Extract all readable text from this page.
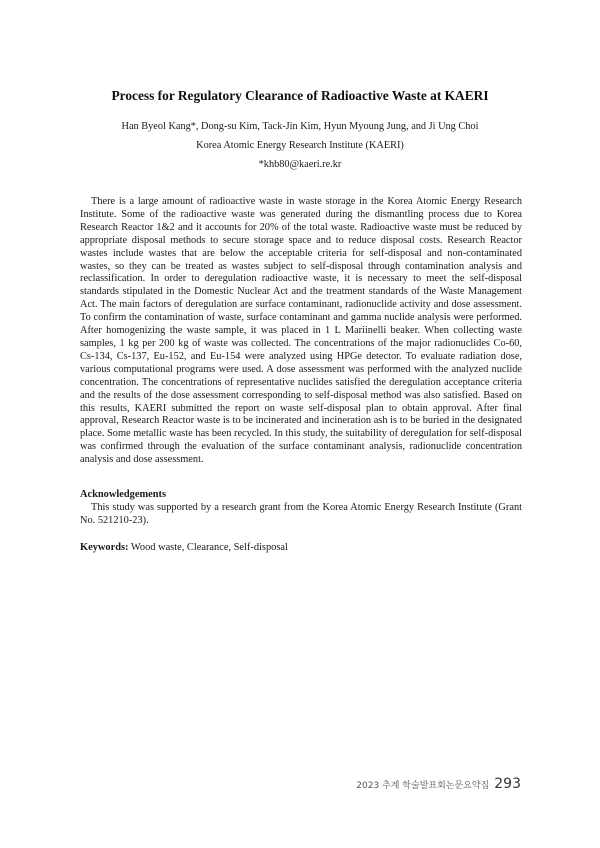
Process for Regulatory Clearance of Radioactive Waste at KAERI
Han Byeol Kang*, Dong-su Kim, Tack-Jin Kim, Hyun Myoung Jung, and Ji Ung Choi
Korea Atomic Energy Research Institute (KAERI)
*khb80@kaeri.re.kr

There is a large amount of radioactive waste in waste storage in the Korea Atomic Energy Research Institute. Some of the radioactive waste was generated during the dismantling process due to Korea Research Reactor 1&2 and it accounts for 20% of the total waste. Radioactive waste must be reduced by appropriate disposal methods to secure storage space and to reduce disposal costs. Research Reactor wastes include wastes that are below the acceptable criteria for self-disposal and non-contaminated wastes, so they can be treated as wastes subject to self-disposal through contamination analysis and reclassification. In order to deregulation radioactive waste, it is necessary to meet the self-disposal standards stipulated in the Domestic Nuclear Act and the treatment standards of the Waste Management Act. The main factors of deregulation are surface contaminant, radionuclide activity and dose assessment. To confirm the contamination of waste, surface contaminant and gamma nuclide analysis were performed. After homogenizing the waste sample, it was placed in 1 L Mariinelli beaker. When collecting waste samples, 1 kg per 200 kg of waste was collected. The concentrations of the major radionuclides Co-60, Cs-134, Cs-137, Eu-152, and Eu-154 were analyzed using HPGe detector. To evaluate radiation dose, various computational programs were used. A dose assessment was performed with the analyzed nuclide concentration. The concentrations of representative nuclides satisfied the deregulation acceptance criteria and the results of the dose assessment corresponding to self-disposal method was also satisfied. Based on this results, KAERI submitted the report on waste self-disposal plan to obtain approval. After final approval, Research Reactor waste is to be incinerated and incineration ash is to be buried in the designated place. Some metallic waste has been recycled. In this study, the suitability of deregulation for self-disposal was confirmed through the evaluation of the surface contaminant analysis, radionuclide concentration analysis and dose assessment.

Acknowledgements

This study was supported by a research grant from the Korea Atomic Energy Research Institute (Grant No. 521210-23).

Keywords: Wood waste, Clearance, Self-disposal
2023 추계 학술발표회논문요약집 293
